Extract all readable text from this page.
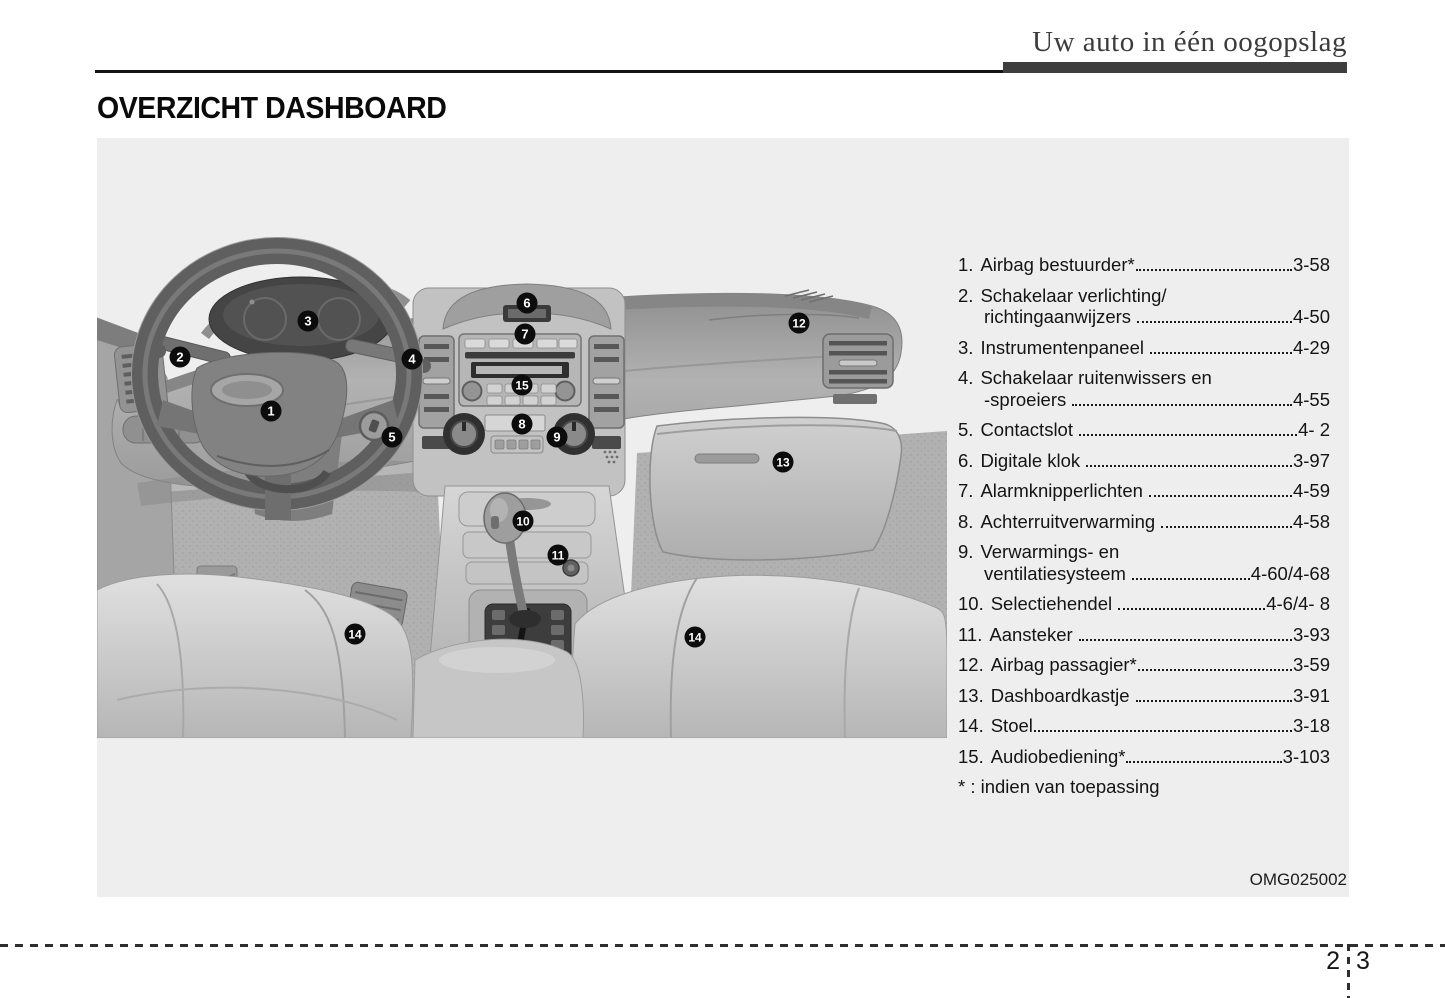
Uw auto in één oogopslag
OVERZICHT DASHBOARD
1
2
3
4
5
6
7
8
9
10
11
12
13
14
15
14
1. Airbag bestuurder*	3-58
2. Schakelaar verlichting/
richtingaanwijzers	4-50
3. Instrumentenpaneel	4-29
4. Schakelaar ruitenwissers en
-sproeiers	4-55
5. Contactslot	4- 2
6. Digitale klok	3-97
7. Alarmknipperlichten	4-59
8. Achterruitverwarming	4-58
9. Verwarmings- en
ventilatiesysteem	4-60/4-68
10. Selectiehendel	4-6/4- 8
11. Aansteker	3-93
12. Airbag passagier*	3-59
13. Dashboardkastje	3-91
14. Stoel	3-18
15. Audiobediening*	3-103
* : indien van toepassing
OMG025002
2 3
